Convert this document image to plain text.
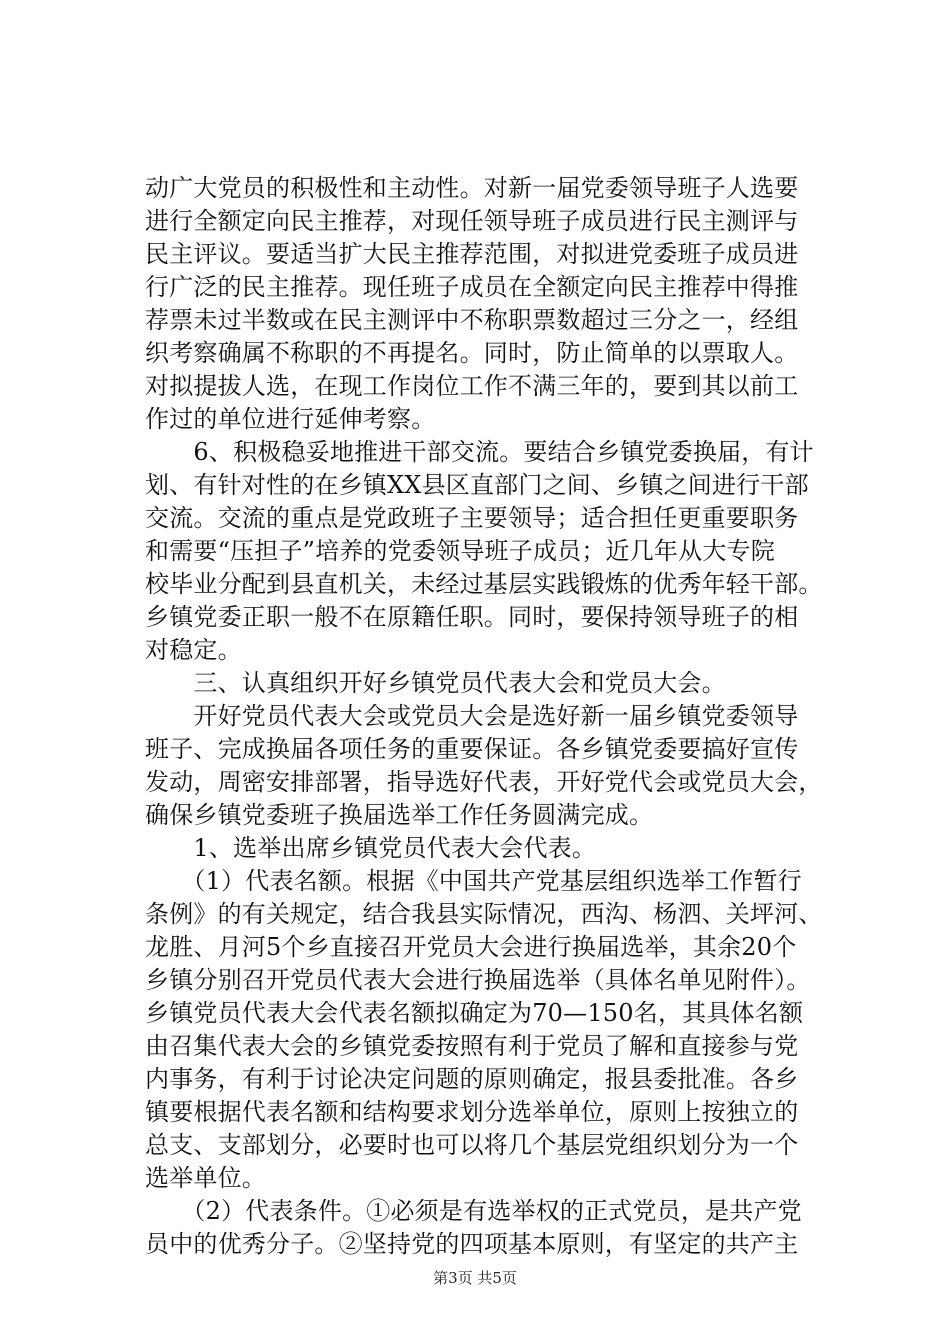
动广大党员的积极性和主动性。对新一届党委领导班子人选要
进行全额定向民主推荐，对现任领导班子成员进行民主测评与
民主评议。要适当扩大民主推荐范围，对拟进党委班子成员进
行广泛的民主推荐。现任班子成员在全额定向民主推荐中得推
荐票未过半数或在民主测评中不称职票数超过三分之一，经组
织考察确属不称职的不再提名。同时，防止简单的以票取人。
对拟提拔人选，在现工作岗位工作不满三年的，要到其以前工
作过的单位进行延伸考察。
　　6、积极稳妥地推进干部交流。要结合乡镇党委换届，有计
划、有针对性的在乡镇XX县区直部门之间、乡镇之间进行干部
交流。交流的重点是党政班子主要领导；适合担任更重要职务
和需要“压担子”培养的党委领导班子成员；近几年从大专院
校毕业分配到县直机关，未经过基层实践锻炼的优秀年轻干部。
乡镇党委正职一般不在原籍任职。同时，要保持领导班子的相
对稳定。
　　三、认真组织开好乡镇党员代表大会和党员大会。
　　开好党员代表大会或党员大会是选好新一届乡镇党委领导
班子、完成换届各项任务的重要保证。各乡镇党委要搞好宣传
发动，周密安排部署，指导选好代表，开好党代会或党员大会，
确保乡镇党委班子换届选举工作任务圆满完成。
　　1、选举出席乡镇党员代表大会代表。
　　（1）代表名额。根据《中国共产党基层组织选举工作暂行
条例》的有关规定，结合我县实际情况，西沟、杨泗、关坪河、
龙胜、月河5个乡直接召开党员大会进行换届选举，其余20个
乡镇分别召开党员代表大会进行换届选举（具体名单见附件）。
乡镇党员代表大会代表名额拟确定为70—150名，其具体名额
由召集代表大会的乡镇党委按照有利于党员了解和直接参与党
内事务，有利于讨论决定问题的原则确定，报县委批准。各乡
镇要根据代表名额和结构要求划分选举单位，原则上按独立的
总支、支部划分，必要时也可以将几个基层党组织划分为一个
选举单位。
　　（2）代表条件。①必须是有选举权的正式党员，是共产党
员中的优秀分子。②坚持党的四项基本原则，有坚定的共产主
第3页 共5页
